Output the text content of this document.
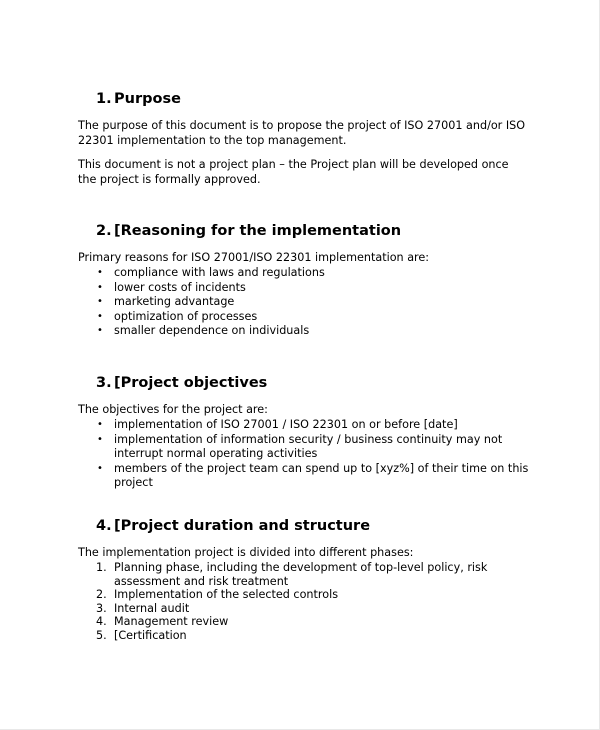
1. Purpose
The purpose of this document is to propose the project of ISO 27001 and/or ISO 22301 implementation to the top management.
This document is not a project plan – the Project plan will be developed once the project is formally approved.
2. [Reasoning for the implementation
Primary reasons for ISO 27001/ISO 22301 implementation are:
• compliance with laws and regulations
• lower costs of incidents
• marketing advantage
• optimization of processes
• smaller dependence on individuals
3. [Project objectives
The objectives for the project are:
• implementation of ISO 27001 / ISO 22301 on or before [date]
• implementation of information security / business continuity may not interrupt normal operating activities
• members of the project team can spend up to [xyz%] of their time on this project
4. [Project duration and structure
The implementation project is divided into different phases:
1. Planning phase, including the development of top-level policy, risk assessment and risk treatment
2. Implementation of the selected controls
3. Internal audit
4. Management review
5. [Certification
